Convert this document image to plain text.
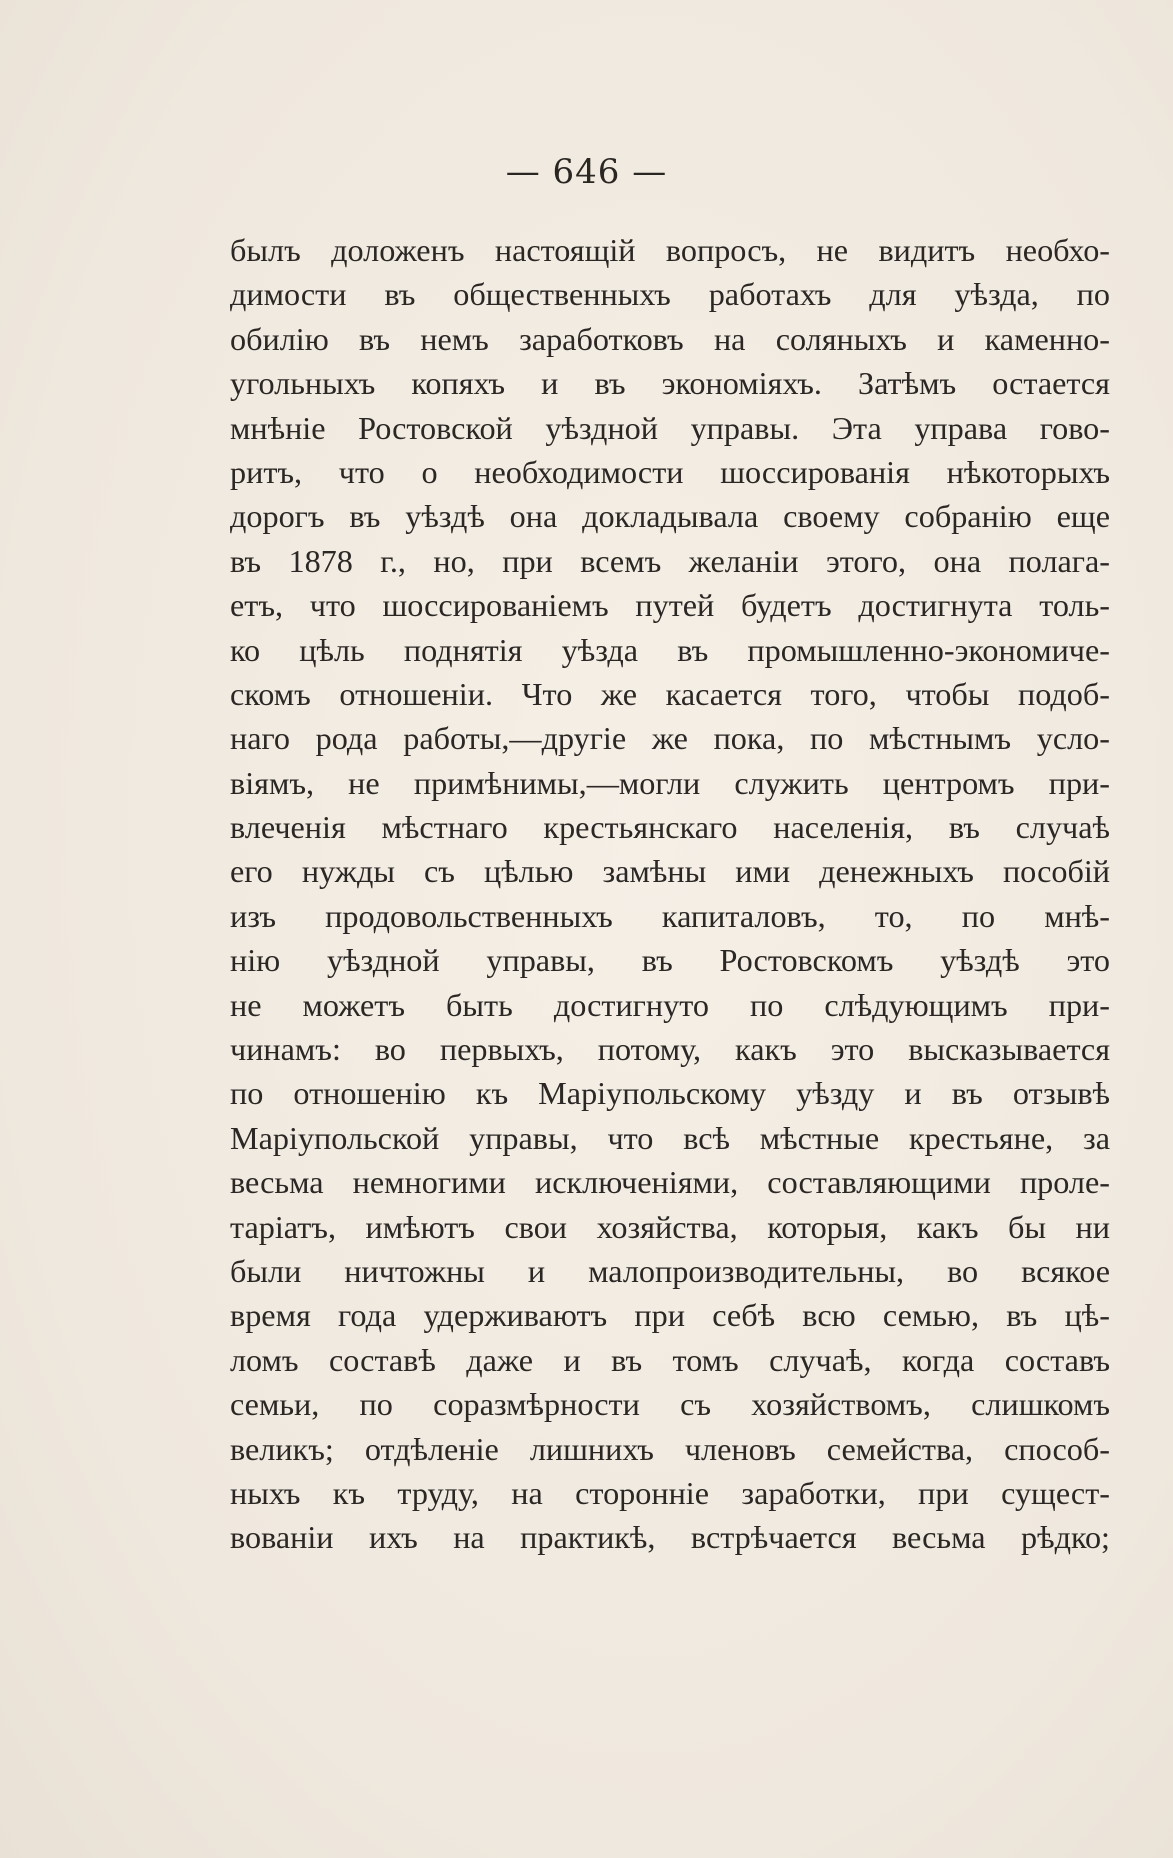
— 646 —
былъ доложенъ настоящій вопросъ, не видитъ необхо-
димости въ общественныхъ работахъ для уѣзда, по
обилію въ немъ заработковъ на соляныхъ и каменно-
угольныхъ копяхъ и въ экономіяхъ. Затѣмъ остается
мнѣніе Ростовской уѣздной управы. Эта управа гово-
ритъ, что о необходимости шоссированія нѣкоторыхъ
дорогъ въ уѣздѣ она докладывала своему собранію еще
въ 1878 г., но, при всемъ желаніи этого, она полага-
етъ, что шоссированіемъ путей будетъ достигнута толь-
ко цѣль поднятія уѣзда въ промышленно-экономиче-
скомъ отношеніи. Что же касается того, чтобы подоб-
наго рода работы,—другіе же пока, по мѣстнымъ усло-
віямъ, не примѣнимы,—могли служить центромъ при-
влеченія мѣстнаго крестьянскаго населенія, въ случаѣ
его нужды съ цѣлью замѣны ими денежныхъ пособій
изъ продовольственныхъ капиталовъ, то, по мнѣ-
нію уѣздной управы, въ Ростовскомъ уѣздѣ это
не можетъ быть достигнуто по слѣдующимъ при-
чинамъ: во первыхъ, потому, какъ это высказывается
по отношенію къ Маріупольскому уѣзду и въ отзывѣ
Маріупольской управы, что всѣ мѣстные крестьяне, за
весьма немногими исключеніями, составляющими проле-
таріатъ, имѣютъ свои хозяйства, которыя, какъ бы ни
были ничтожны и малопроизводительны, во всякое
время года удерживаютъ при себѣ всю семью, въ цѣ-
ломъ составѣ даже и въ томъ случаѣ, когда составъ
семьи, по соразмѣрности съ хозяйствомъ, слишкомъ
великъ; отдѣленіе лишнихъ членовъ семейства, способ-
ныхъ къ труду, на сторонніе заработки, при сущест-
вованіи ихъ на практикѣ, встрѣчается весьма рѣдко;
